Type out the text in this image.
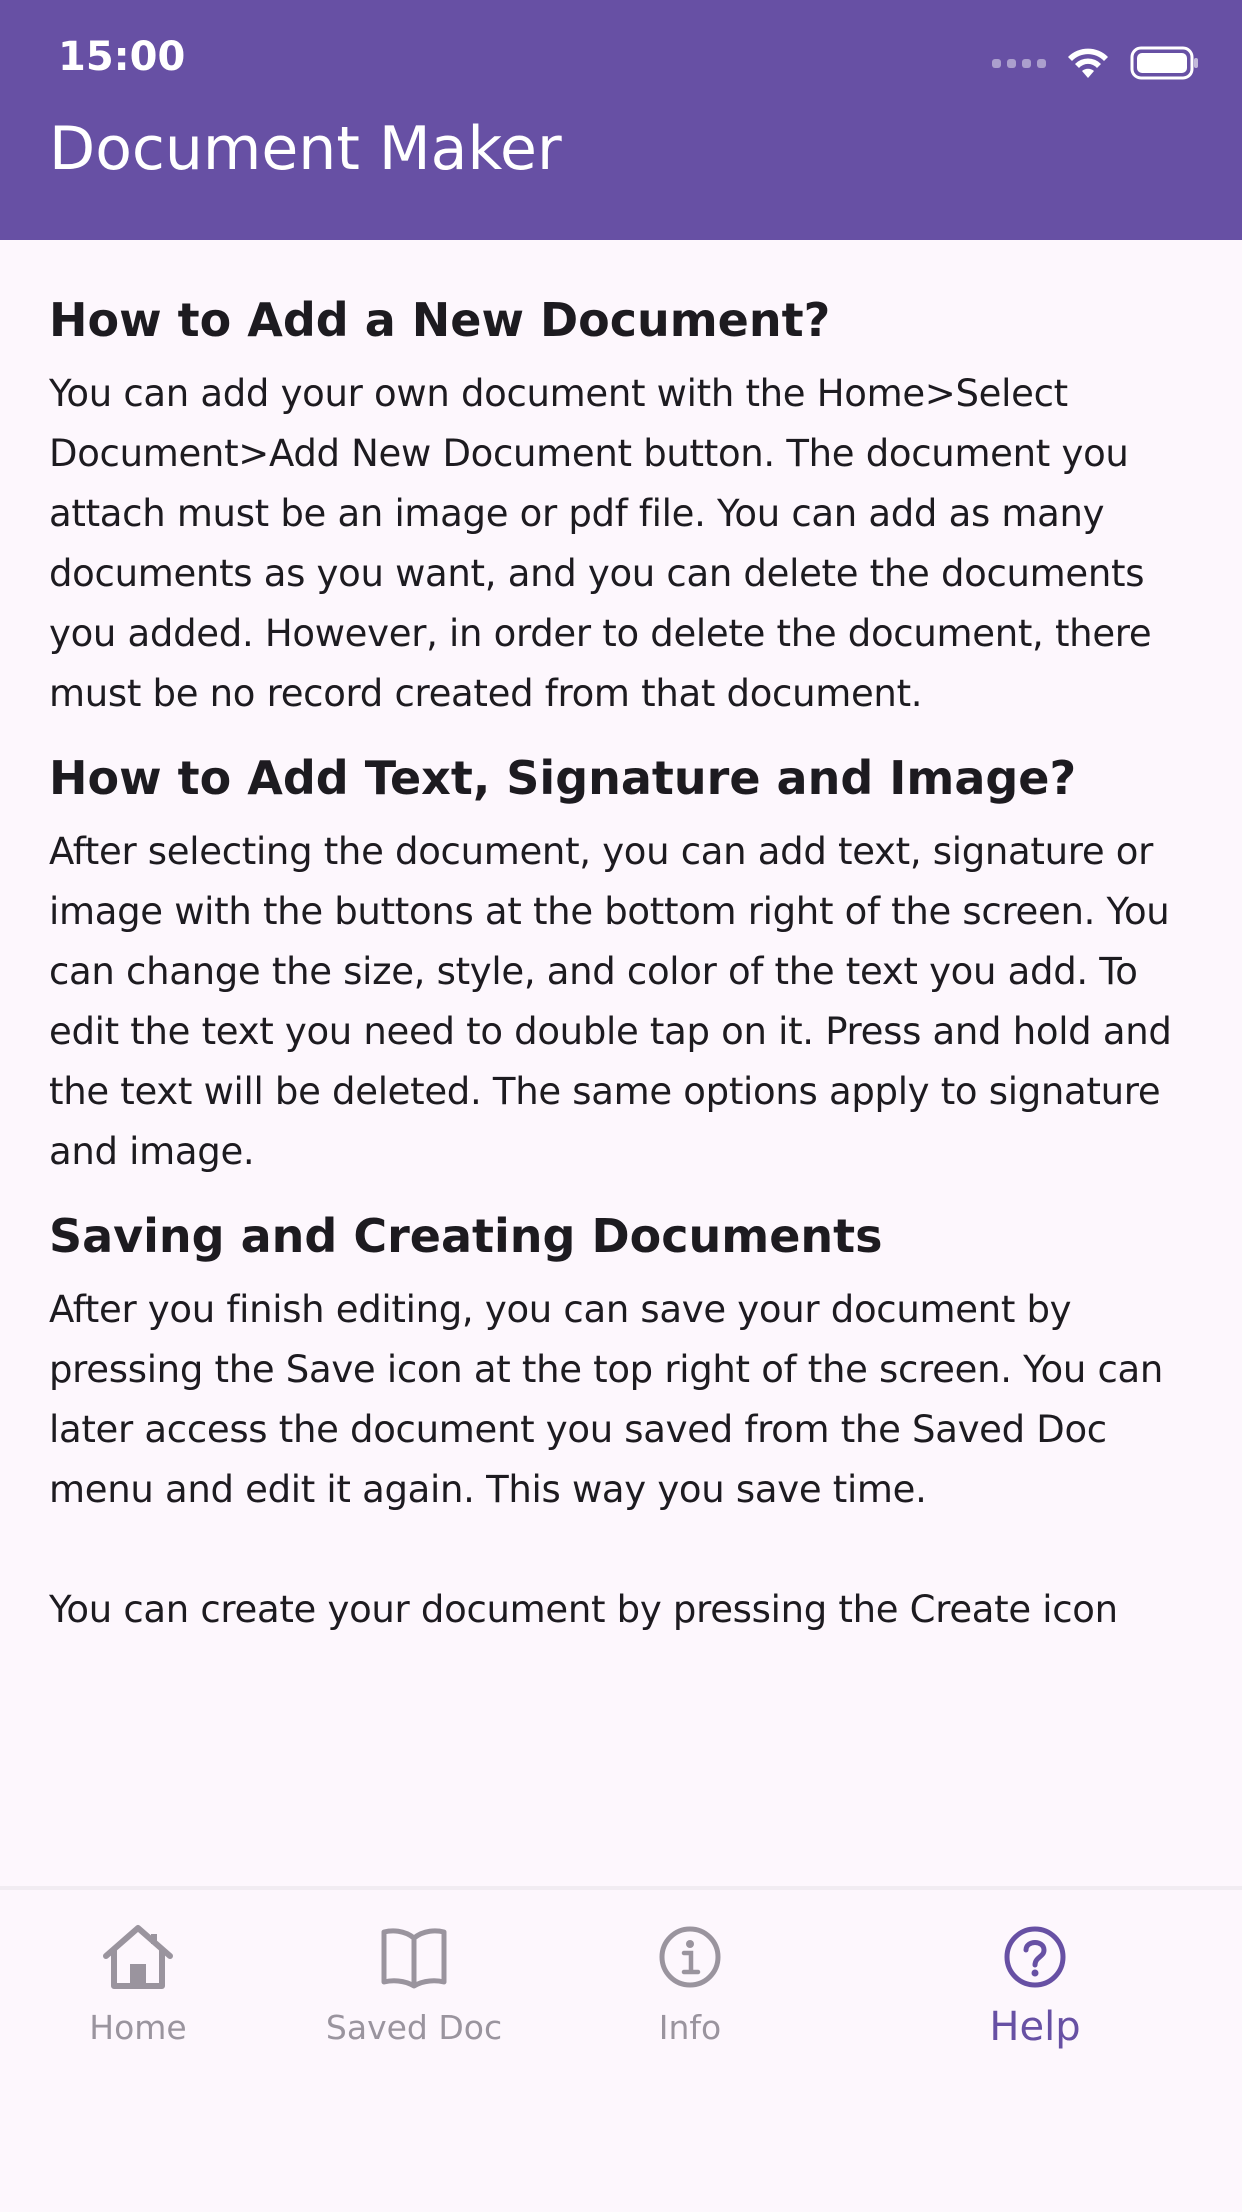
15:00
Document Maker
How to Add a New Document?
You can add your own document with the Home>Select Document>Add New Document button. The document you attach must be an image or pdf file. You can add as many documents as you want, and you can delete the documents you added. However, in order to delete the document, there must be no record created from that document.
How to Add Text, Signature and Image?
After selecting the document, you can add text, signature or image with the buttons at the bottom right of the screen. You can change the size, style, and color of the text you add. To edit the text you need to double tap on it. Press and hold and the text will be deleted. The same options apply to signature and image.
Saving and Creating Documents
After you finish editing, you can save your document by pressing the Save icon at the top right of the screen. You can later access the document you saved from the Saved Doc menu and edit it again. This way you save time.

You can create your document by pressing the Create icon
Home	Saved Doc	Info	Help
